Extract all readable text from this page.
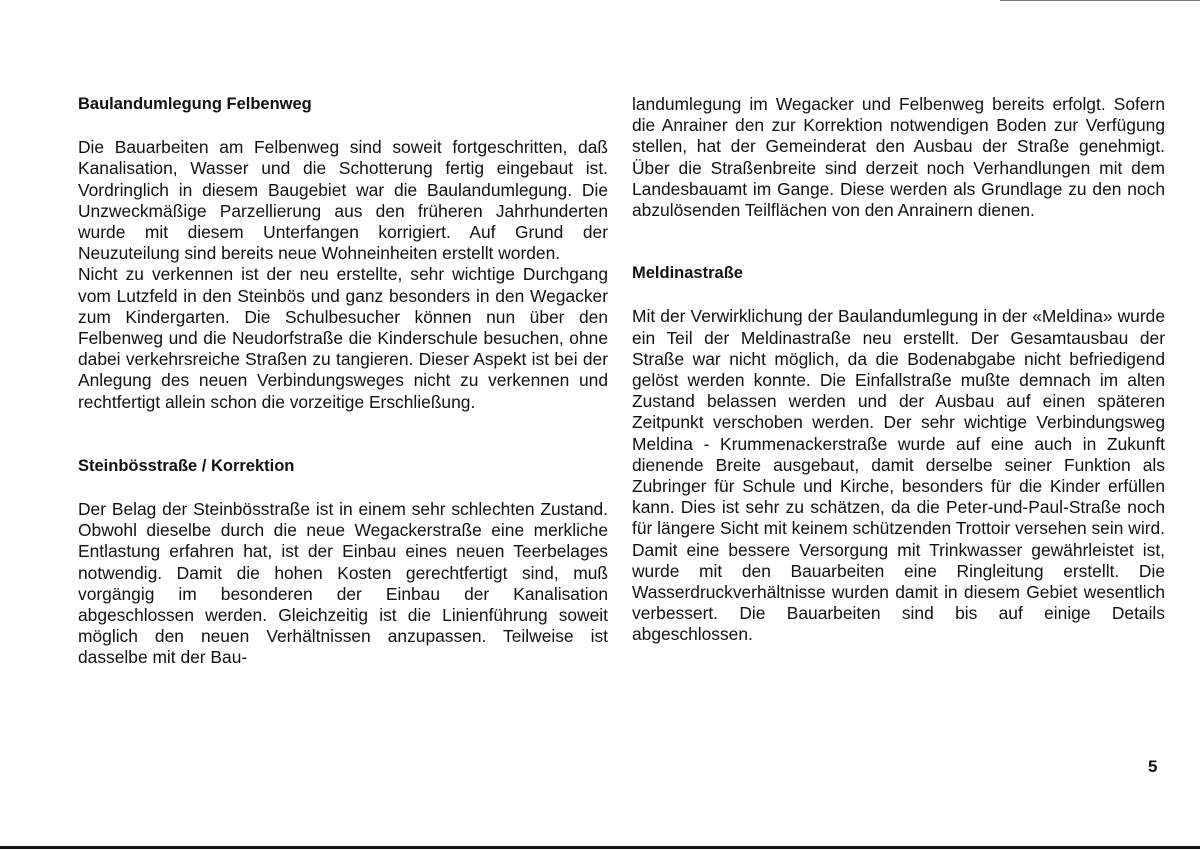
Baulandumlegung Felbenweg

Die Bauarbeiten am Felbenweg sind soweit fortgeschritten, daß Kanalisation, Wasser und die Schotterung fertig eingebaut ist. Vordringlich in diesem Baugebiet war die Baulandumlegung. Die Unzweckmäßige Parzellierung aus den früheren Jahrhunderten wurde mit diesem Unterfangen korrigiert. Auf Grund der Neuzuteilung sind bereits neue Wohneinheiten erstellt worden.

Nicht zu verkennen ist der neu erstellte, sehr wichtige Durchgang vom Lutzfeld in den Steinbös und ganz besonders in den Wegacker zum Kindergarten. Die Schulbesucher können nun über den Felbenweg und die Neudorfstraße die Kinderschule besuchen, ohne dabei verkehrsreiche Straßen zu tangieren. Dieser Aspekt ist bei der Anlegung des neuen Verbindungsweges nicht zu verkennen und rechtfertigt allein schon die vorzeitige Erschließung.

Steinbösstraße / Korrektion

Der Belag der Steinbösstraße ist in einem sehr schlechten Zustand. Obwohl dieselbe durch die neue Wegackerstraße eine merkliche Entlastung erfahren hat, ist der Einbau eines neuen Teerbelages notwendig. Damit die hohen Kosten gerechtfertigt sind, muß vorgängig im besonderen der Einbau der Kanalisation abgeschlossen werden. Gleichzeitig ist die Linienführung soweit möglich den neuen Verhältnissen anzupassen. Teilweise ist dasselbe mit der Bau-

landumlegung im Wegacker und Felbenweg bereits erfolgt. Sofern die Anrainer den zur Korrektion notwendigen Boden zur Verfügung stellen, hat der Gemeinderat den Ausbau der Straße genehmigt. Über die Straßenbreite sind derzeit noch Verhandlungen mit dem Landesbauamt im Gange. Diese werden als Grundlage zu den noch abzulösenden Teilflächen von den Anrainern dienen.

Meldinastraße

Mit der Verwirklichung der Baulandumlegung in der «Meldina» wurde ein Teil der Meldinastraße neu erstellt. Der Gesamtausbau der Straße war nicht möglich, da die Bodenabgabe nicht befriedigend gelöst werden konnte. Die Einfallstraße mußte demnach im alten Zustand belassen werden und der Ausbau auf einen späteren Zeitpunkt verschoben werden. Der sehr wichtige Verbindungsweg Meldina - Krummenackerstraße wurde auf eine auch in Zukunft dienende Breite ausgebaut, damit derselbe seiner Funktion als Zubringer für Schule und Kirche, besonders für die Kinder erfüllen kann. Dies ist sehr zu schätzen, da die Peter-und-Paul-Straße noch für längere Sicht mit keinem schützenden Trottoir versehen sein wird. Damit eine bessere Versorgung mit Trinkwasser gewährleistet ist, wurde mit den Bauarbeiten eine Ringleitung erstellt. Die Wasserdruckverhältnisse wurden damit in diesem Gebiet wesentlich verbessert. Die Bauarbeiten sind bis auf einige Details abgeschlossen.

5
